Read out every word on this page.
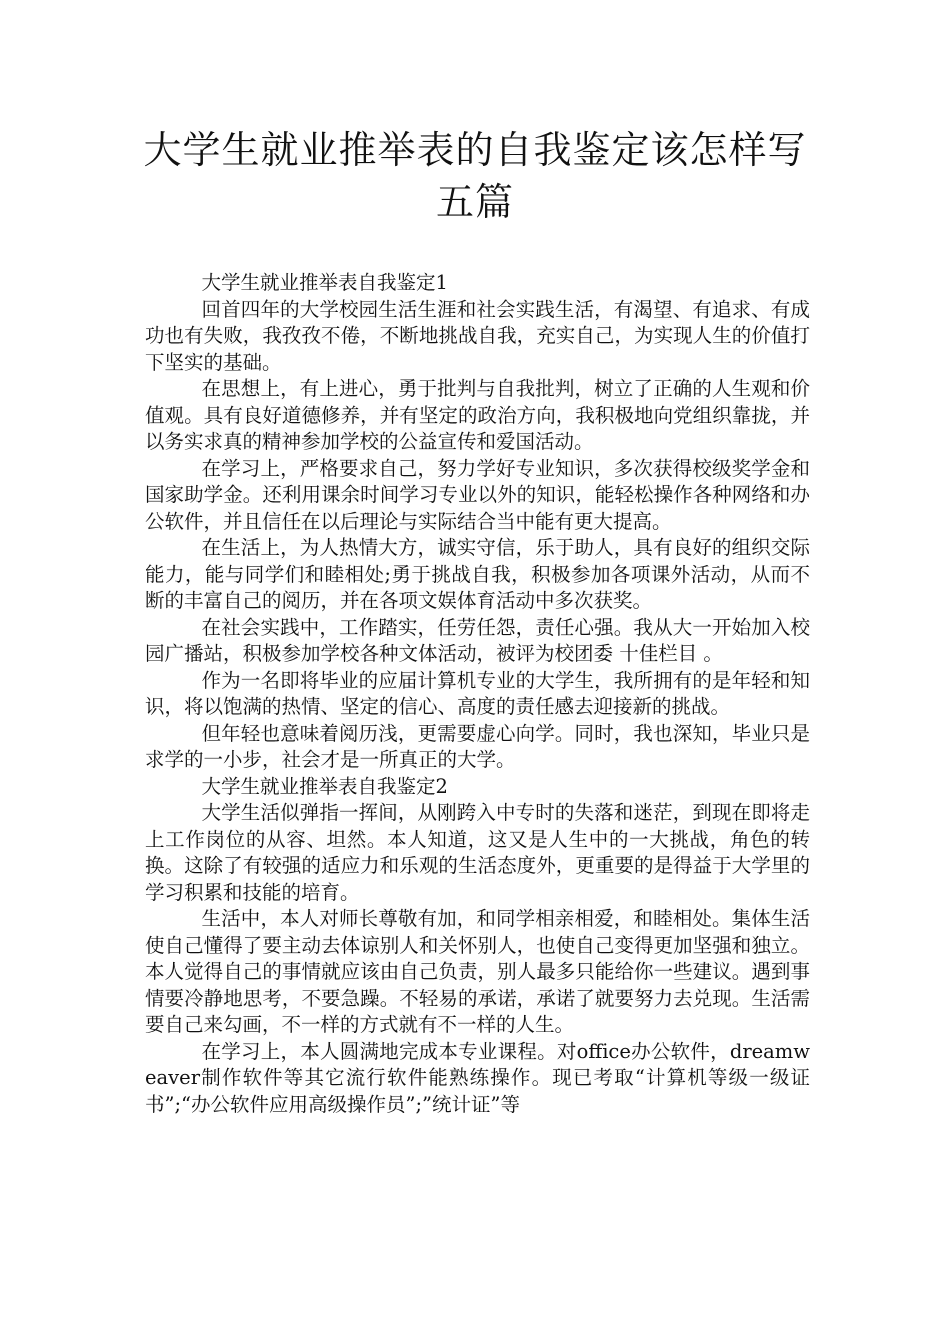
大学生就业推举表的自我鉴定该怎样写五篇

大学生就业推举表自我鉴定1

回首四年的大学校园生活生涯和社会实践生活，有渴望、有追求、有成功也有失败，我孜孜不倦，不断地挑战自我，充实自己，为实现人生的价值打下坚实的基础。

在思想上，有上进心，勇于批判与自我批判，树立了正确的人生观和价值观。具有良好道德修养，并有坚定的政治方向，我积极地向党组织靠拢，并以务实求真的精神参加学校的公益宣传和爱国活动。

在学习上，严格要求自己，努力学好专业知识，多次获得校级奖学金和国家助学金。还利用课余时间学习专业以外的知识，能轻松操作各种网络和办公软件，并且信任在以后理论与实际结合当中能有更大提高。

在生活上，为人热情大方，诚实守信，乐于助人，具有良好的组织交际能力，能与同学们和睦相处;勇于挑战自我，积极参加各项课外活动，从而不断的丰富自己的阅历，并在各项文娱体育活动中多次获奖。

在社会实践中，工作踏实，任劳任怨，责任心强。我从大一开始加入校园广播站，积极参加学校各种文体活动，被评为校团委 十佳栏目 。

作为一名即将毕业的应届计算机专业的大学生，我所拥有的是年轻和知识，将以饱满的热情、坚定的信心、高度的责任感去迎接新的挑战。

但年轻也意味着阅历浅，更需要虚心向学。同时，我也深知，毕业只是求学的一小步，社会才是一所真正的大学。

大学生就业推举表自我鉴定2

大学生活似弹指一挥间，从刚跨入中专时的失落和迷茫，到现在即将走上工作岗位的从容、坦然。本人知道，这又是人生中的一大挑战，角色的转换。这除了有较强的适应力和乐观的生活态度外，更重要的是得益于大学里的学习积累和技能的培育。

生活中，本人对师长尊敬有加，和同学相亲相爱，和睦相处。集体生活使自己懂得了要主动去体谅别人和关怀别人，也使自己变得更加坚强和独立。本人觉得自己的事情就应该由自己负责，别人最多只能给你一些建议。遇到事情要冷静地思考，不要急躁。不轻易的承诺，承诺了就要努力去兑现。生活需要自己来勾画，不一样的方式就有不一样的人生。

在学习上，本人圆满地完成本专业课程。对office办公软件，dreamweaver制作软件等其它流行软件能熟练操作。现已考取“计算机等级一级证书”;“办公软件应用高级操作员”;”统计证”等
